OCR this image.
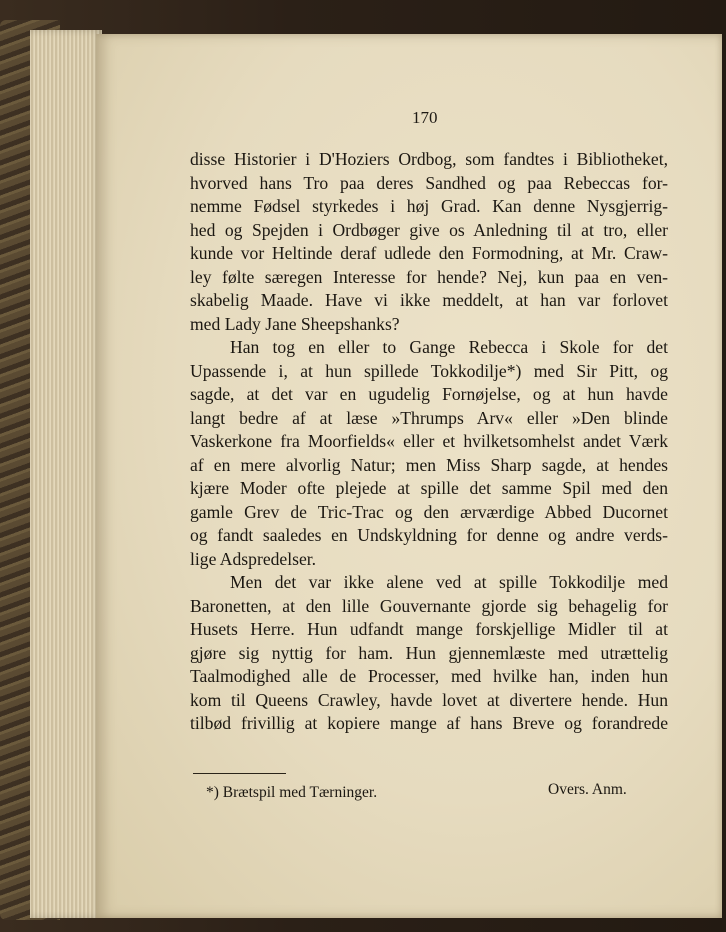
170
disse Historier i D'Hoziers Ordbog, som fandtes i Bibliotheket,
hvorved hans Tro paa deres Sandhed og paa Rebeccas for-
nemme Fødsel styrkedes i høj Grad. Kan denne Nysgjerrig-
hed og Spejden i Ordbøger give os Anledning til at tro, eller
kunde vor Heltinde deraf udlede den Formodning, at Mr. Craw-
ley følte særegen Interesse for hende? Nej, kun paa en ven-
skabelig Maade. Have vi ikke meddelt, at han var forlovet
med Lady Jane Sheepshanks?
Han tog en eller to Gange Rebecca i Skole for det
Upassende i, at hun spillede Tokkodilje*) med Sir Pitt, og
sagde, at det var en ugudelig Fornøjelse, og at hun havde
langt bedre af at læse »Thrumps Arv« eller »Den blinde
Vaskerkone fra Moorfields« eller et hvilketsomhelst andet Værk
af en mere alvorlig Natur; men Miss Sharp sagde, at hendes
kjære Moder ofte plejede at spille det samme Spil med den
gamle Grev de Tric-Trac og den ærværdige Abbed Ducornet
og fandt saaledes en Undskyldning for denne og andre verds-
lige Adspredelser.
Men det var ikke alene ved at spille Tokkodilje med
Baronetten, at den lille Gouvernante gjorde sig behagelig for
Husets Herre. Hun udfandt mange forskjellige Midler til at
gjøre sig nyttig for ham. Hun gjennemlæste med utrættelig
Taalmodighed alle de Processer, med hvilke han, inden hun
kom til Queens Crawley, havde lovet at divertere hende. Hun
tilbød frivillig at kopiere mange af hans Breve og forandrede
*) Brætspil med Tærninger.	Overs. Anm.
